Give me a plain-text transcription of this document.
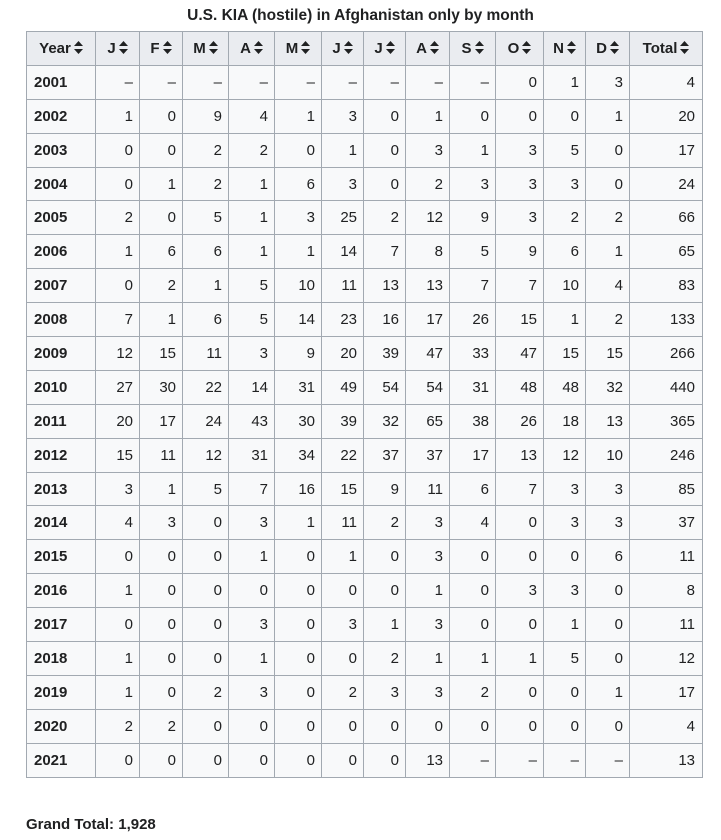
U.S. KIA (hostile) in Afghanistan only by month
Year	J	F	M	A	M	J	J	A	S	O	N	D	Total

2001	–	–	–	–	–	–	–	–	–	0	1	3	4
2002	1	0	9	4	1	3	0	1	0	0	0	1	20
2003	0	0	2	2	0	1	0	3	1	3	5	0	17
2004	0	1	2	1	6	3	0	2	3	3	3	0	24
2005	2	0	5	1	3	25	2	12	9	3	2	2	66
2006	1	6	6	1	1	14	7	8	5	9	6	1	65
2007	0	2	1	5	10	11	13	13	7	7	10	4	83
2008	7	1	6	5	14	23	16	17	26	15	1	2	133
2009	12	15	11	3	9	20	39	47	33	47	15	15	266
2010	27	30	22	14	31	49	54	54	31	48	48	32	440
2011	20	17	24	43	30	39	32	65	38	26	18	13	365
2012	15	11	12	31	34	22	37	37	17	13	12	10	246
2013	3	1	5	7	16	15	9	11	6	7	3	3	85
2014	4	3	0	3	1	11	2	3	4	0	3	3	37
2015	0	0	0	1	0	1	0	3	0	0	0	6	11
2016	1	0	0	0	0	0	0	1	0	3	3	0	8
2017	0	0	0	3	0	3	1	3	0	0	1	0	11
2018	1	0	0	1	0	0	2	1	1	1	5	0	12
2019	1	0	2	3	0	2	3	3	2	0	0	1	17
2020	2	2	0	0	0	0	0	0	0	0	0	0	4
2021	0	0	0	0	0	0	0	13	–	–	–	–	13
Grand Total: 1,928
